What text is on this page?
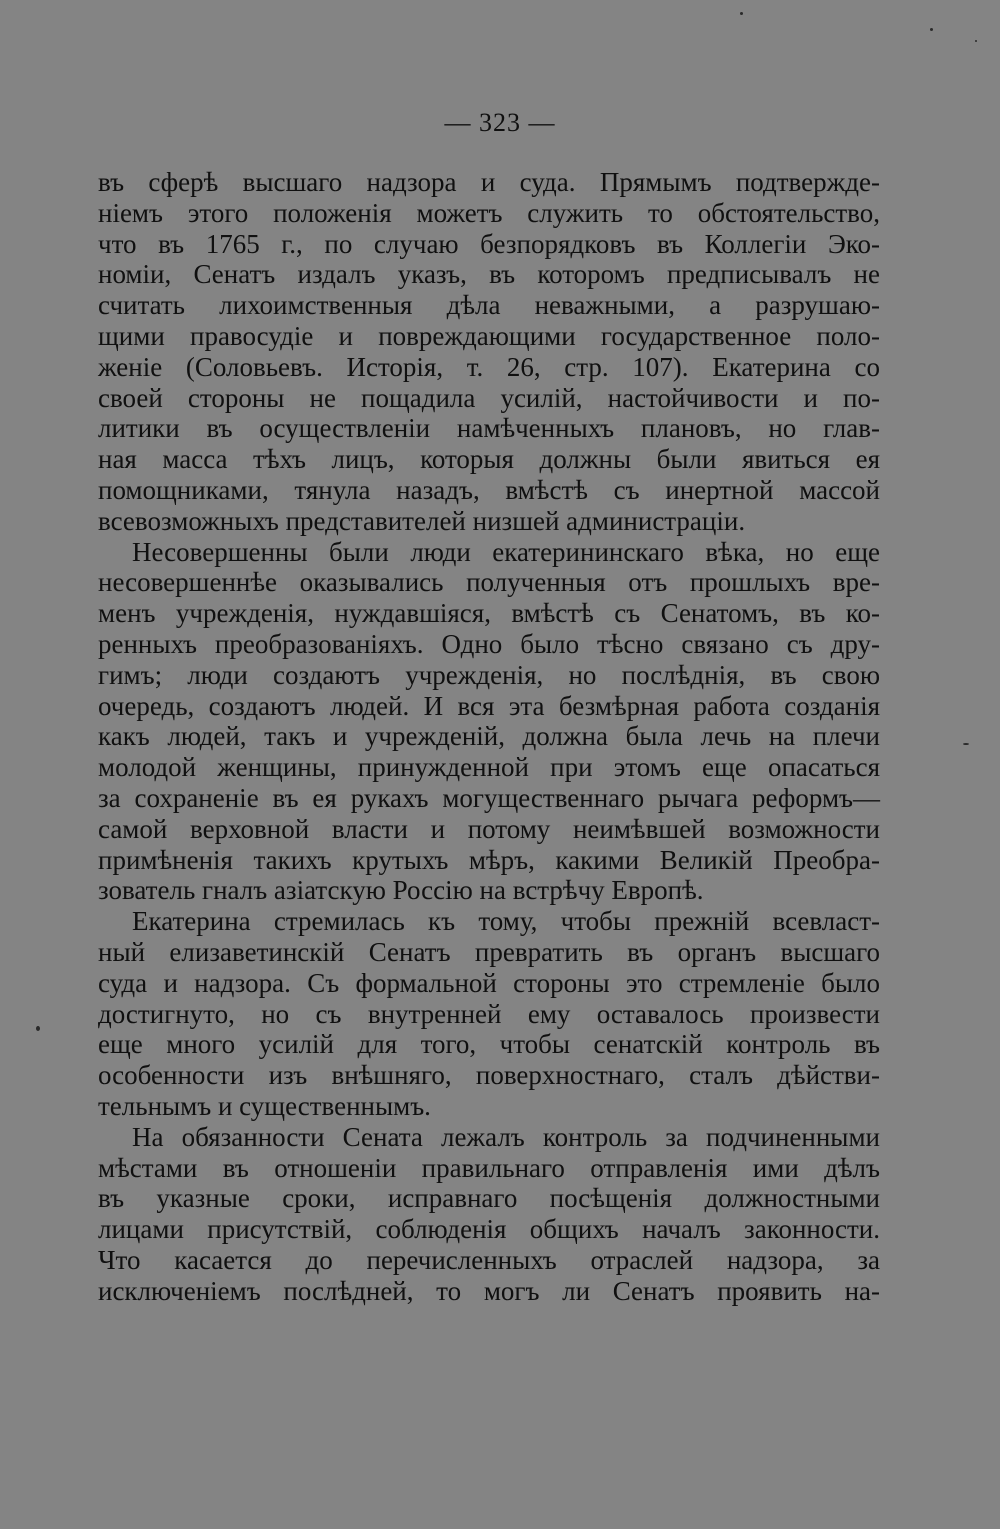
— 323 —
въ сферѣ высшаго надзора и суда. Прямымъ подтвержде-
ніемъ этого положенія можетъ служить то обстоятельство,
что въ 1765 г., по случаю безпорядковъ въ Коллегіи Эко-
номіи, Сенатъ издалъ указъ, въ которомъ предписывалъ не
считать лихоимственныя дѣла неважными, а разрушаю-
щими правосудіе и повреждающими государственное поло-
женіе (Соловьевъ. Исторія, т. 26, стр. 107). Екатерина со
своей стороны не пощадила усилій, настойчивости и по-
литики въ осуществленіи намѣченныхъ плановъ, но глав-
ная масса тѣхъ лицъ, которыя должны были явиться ея
помощниками, тянула назадъ, вмѣстѣ съ инертной массой
всевозможныхъ представителей низшей администраціи.
Несовершенны были люди екатерининскаго вѣка, но еще
несовершеннѣе оказывались полученныя отъ прошлыхъ вре-
менъ учрежденія, нуждавшіяся, вмѣстѣ съ Сенатомъ, въ ко-
ренныхъ преобразованіяхъ. Одно было тѣсно связано съ дру-
гимъ; люди создаютъ учрежденія, но послѣднія, въ свою
очередь, создаютъ людей. И вся эта безмѣрная работа созданія
какъ людей, такъ и учрежденій, должна была лечь на плечи
молодой женщины, принужденной при этомъ еще опасаться
за сохраненіе въ ея рукахъ могущественнаго рычага реформъ—
самой верховной власти и потому неимѣвшей возможности
примѣненія такихъ крутыхъ мѣръ, какими Великій Преобра-
зователь гналъ азіатскую Россію на встрѣчу Европѣ.
Екатерина стремилась къ тому, чтобы прежній всевласт-
ный елизаветинскій Сенатъ превратить въ органъ высшаго
суда и надзора. Съ формальной стороны это стремленіе было
достигнуто, но съ внутренней ему оставалось произвести
еще много усилій для того, чтобы сенатскій контроль въ
особенности изъ внѣшняго, поверхностнаго, сталъ дѣйстви-
тельнымъ и существеннымъ.
На обязанности Сената лежалъ контроль за подчиненными
мѣстами въ отношеніи правильнаго отправленія ими дѣлъ
въ указные сроки, исправнаго посѣщенія должностными
лицами присутствій, соблюденія общихъ началъ законности.
Что касается до перечисленныхъ отраслей надзора, за
исключеніемъ послѣдней, то могъ ли Сенатъ проявить на-
